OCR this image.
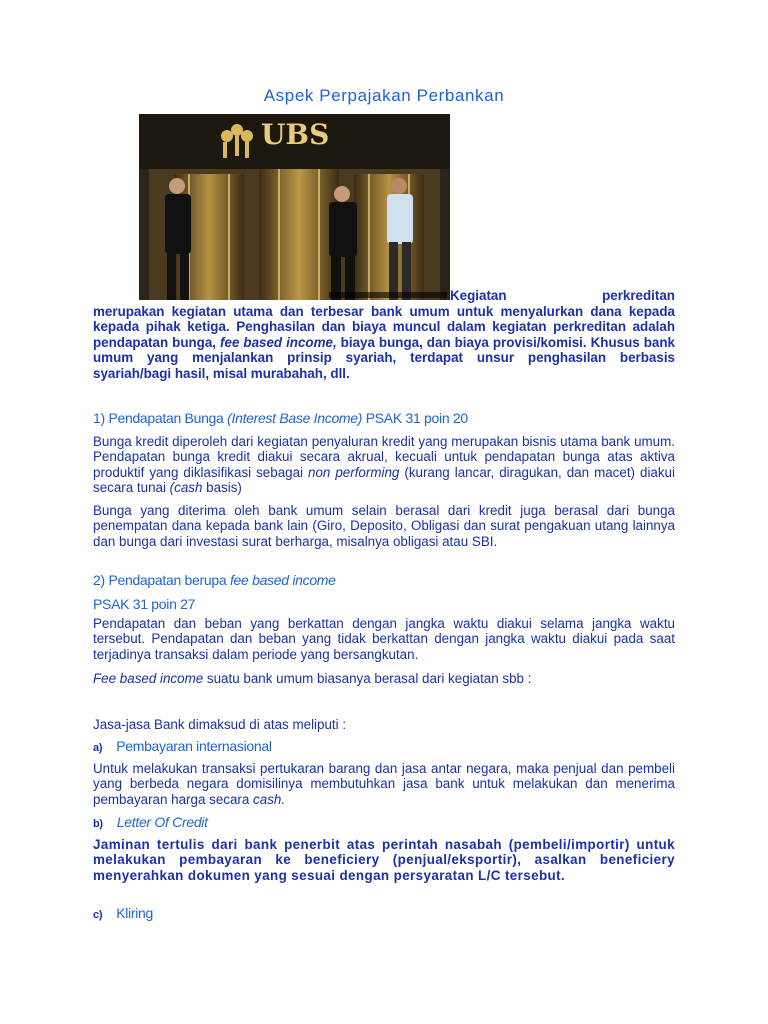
Aspek Perpajakan Perbankan
UBS
Kegiatan	perkreditan
merupakan kegiatan utama dan terbesar bank umum untuk menyalurkan dana kepada kepada pihak ketiga. Penghasilan dan biaya muncul dalam kegiatan perkreditan adalah pendapatan bunga, fee based income, biaya bunga, dan biaya provisi/komisi. Khusus bank umum yang menjalankan prinsip syariah, terdapat unsur penghasilan berbasis syariah/bagi hasil, misal murabahah, dll.
1) Pendapatan Bunga (Interest Base Income) PSAK 31 poin 20
Bunga kredit diperoleh dari kegiatan penyaluran kredit yang merupakan bisnis utama bank umum. Pendapatan bunga kredit diakui secara akrual, kecuali untuk pendapatan bunga atas aktiva produktif yang diklasifikasi sebagai non performing (kurang lancar, diragukan, dan macet) diakui secara tunai (cash basis)
Bunga yang diterima oleh bank umum selain berasal dari kredit juga berasal dari bunga penempatan dana kepada bank lain (Giro, Deposito, Obligasi dan surat pengakuan utang lainnya dan bunga dari investasi surat berharga, misalnya obligasi atau SBI.
2) Pendapatan berupa fee based income
PSAK 31 poin 27
Pendapatan dan beban yang berkattan dengan jangka waktu diakui selama jangka waktu tersebut. Pendapatan dan beban yang tidak berkattan dengan jangka waktu diakui pada saat terjadinya transaksi dalam periode yang bersangkutan.
Fee based income suatu bank umum biasanya berasal dari kegiatan sbb :
Jasa-jasa Bank dimaksud di atas meliputi :
a) Pembayaran internasional
Untuk melakukan transaksi pertukaran barang dan jasa antar negara, maka penjual dan pembeli yang berbeda negara domisilinya membutuhkan jasa bank untuk melakukan dan menerima pembayaran harga secara cash.
b) Letter Of Credit
Jaminan tertulis dari bank penerbit atas perintah nasabah (pembeli/importir) untuk melakukan pembayaran ke beneficiery (penjual/eksportir), asalkan beneficiery menyerahkan dokumen yang sesuai dengan persyaratan L/C tersebut.
c) Kliring
